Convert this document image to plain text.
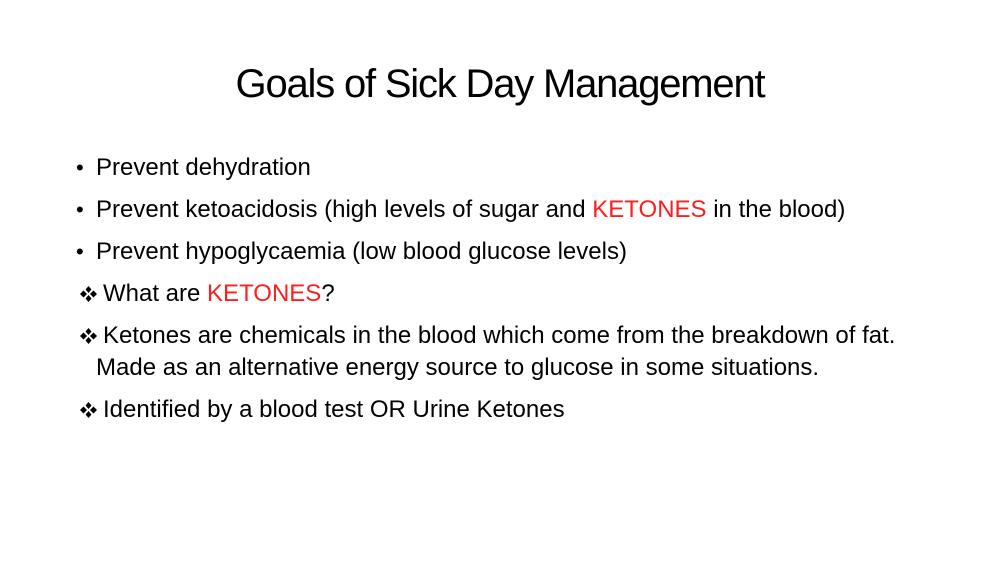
Goals of Sick Day Management
• Prevent dehydration
• Prevent ketoacidosis (high levels of sugar and KETONES in the blood)
• Prevent hypoglycaemia (low blood glucose levels)
What are KETONES?
Ketones are chemicals in the blood which come from the breakdown of fat. Made as an alternative energy source to glucose in some situations.
Identified by a blood test OR Urine Ketones
